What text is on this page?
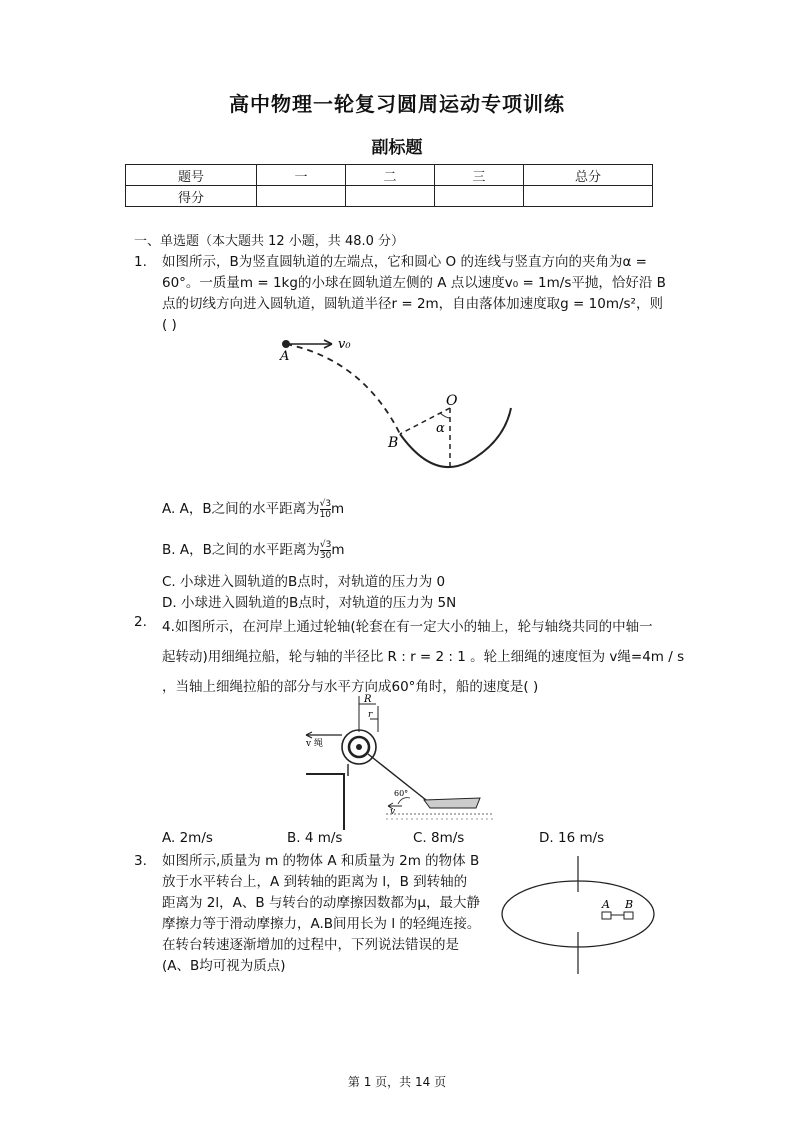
高中物理一轮复习圆周运动专项训练
副标题
题号	一	二	三	总分
得分				
一、单选题（本大题共 12 小题，共 48.0 分）
1. 如图所示，B为竖直圆轨道的左端点，它和圆心 O 的连线与竖直方向的夹角为α =
60°。一质量m = 1kg的小球在圆轨道左侧的 A 点以速度v₀ = 1m/s平抛，恰好沿 B
点的切线方向进入圆轨道，圆轨道半径r = 2m，自由落体加速度取g = 10m/s²，则
( )
A
v₀
O
α
B
A. A，B之间的水平距离为 $\frac{√3}{10}$ m
B. A，B之间的水平距离为 $\frac{√3}{30}$ m
C. 小球进入圆轨道的B点时，对轨道的压力为 0
D. 小球进入圆轨道的B点时，对轨道的压力为 5N
2. 4.如图所示，在河岸上通过轮轴(轮套在有一定大小的轴上，轮与轴绕共同的中轴一
起转动)用细绳拉船，轮与轴的半径比 R : r = 2 : 1 。轮上细绳的速度恒为 v绳=4m / s
，当轴上细绳拉船的部分与水平方向成60°角时，船的速度是( )
R
r
v 绳
60°
v
A. 2m/s	B. 4 m/s	C. 8m/s	D. 16 m/s
3. 如图所示,质量为 m 的物体 A 和质量为 2m 的物体 B
放于水平转台上，A 到转轴的距离为 l，B 到转轴的
距离为 2l，A、B 与转台的动摩擦因数都为μ，最大静
摩擦力等于滑动摩擦力，A.B间用长为 l 的轻绳连接。
在转台转速逐渐增加的过程中，下列说法错误的是
(A、B均可视为质点)
A B
第 1 页，共 14 页
